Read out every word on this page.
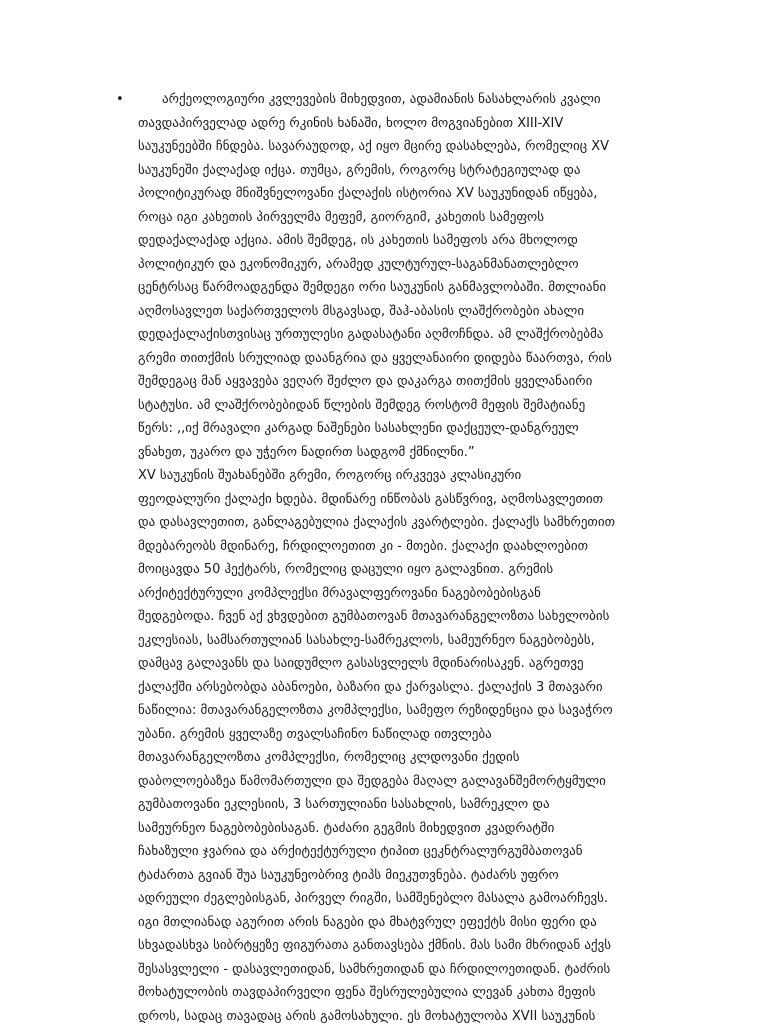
•	არქეოლოგიური კვლევების მიხედვით, ადამიანის ნასახლარის კვალი
თავდაპირველად ადრე რკინის ხანაში, ხოლო მოგვიანებით XIII-XIV
საუკუნეებში ჩნდება. სავარაუდოდ, აქ იყო მცირე დასახლება, რომელიც XV
საუკუნეში ქალაქად იქცა. თუმცა, გრემის, როგორც სტრატეგიულად და
პოლიტიკურად მნიშვნელოვანი ქალაქის ისტორია XV საუკუნიდან იწყება,
როცა იგი კახეთის პირველმა მეფემ, გიორგიმ, კახეთის სამეფოს
დედაქალაქად აქცია. ამის შემდეგ, ის კახეთის სამეფოს არა მხოლოდ
პოლიტიკურ და ეკონომიკურ, არამედ კულტურულ-საგანმანათლებლო
ცენტრსაც წარმოადგენდა შემდეგი ორი საუკუნის განმავლობაში. მთლიანი
აღმოსავლეთ საქართველოს მსგავსად, შაჰ-აბასის ლაშქრობები ახალი
დედაქალაქისთვისაც ურთულესი გადასატანი აღმოჩნდა. ამ ლაშქრობებმა
გრემი თითქმის სრულიად დაანგრია და ყველანაირი დიდება წაართვა, რის
შემდეგაც მან აყვავება ვეღარ შეძლო და დაკარგა თითქმის ყველანაირი
სტატუსი. ამ ლაშქრობებიდან წლების შემდეგ როსტომ მეფის შემატიანე
წერს: ,,იქ მრავალი კარგად ნაშენები სასახლენი დაქცეულ-დანგრეულ
ვნახეთ, უკარო და უჭერო ნადირთ სადგომ ქმნილნი.”
XV საუკუნის შუახანებში გრემი, როგორც ირკვევა კლასიკური
ფეოდალური ქალაქი ხდება. მდინარე ინწობას გასწვრივ, აღმოსავლეთით
და დასავლეთით, განლაგებულია ქალაქის კვარტლები. ქალაქს სამხრეთით
მდებარეობს მდინარე, ჩრდილოეთით კი - მთები. ქალაქი დაახლოებით
მოიცავდა 50 ჰექტარს, რომელიც დაცული იყო გალავნით. გრემის
არქიტექტურული კომპლექსი მრავალფეროვანი ნაგებობებისგან
შედგებოდა. ჩვენ აქ ვხვდებით გუმბათოვან მთავარანგელოზთა სახელობის
ეკლესიას, სამსართულიან სასახლე-სამრეკლოს, სამეურნეო ნაგებობებს,
დამცავ გალავანს და საიდუმლო გასასვლელს მდინარისაკენ. აგრეთვე
ქალაქში არსებობდა აბანოები, ბაზარი და ქარვასლა. ქალაქის 3 მთავარი
ნაწილია: მთავარანგელოზთა კომპლექსი, სამეფო რეზიდენცია და სავაჭრო
უბანი. გრემის ყველაზე თვალსაჩინო ნაწილად ითვლება
მთავარანგელოზთა კომპლექსი, რომელიც კლდოვანი ქედის
დაბოლოებაზეა წამომართული და შედგება მაღალ გალავანშემორტყმული
გუმბათოვანი ეკლესიის, 3 სართულიანი სასახლის, სამრეკლო და
სამეურნეო ნაგებობებისაგან. ტაძარი გეგმის მიხედვით კვადრატში
ჩახაზული ჯვარია და არქიტექტურული ტიპით ცეკნტრალურგუმბათოვან
ტაძართა გვიან შუა საუკუნეობრივ ტიპს მიეკუთვნება. ტაძარს უფრო
ადრეული ძეგლებისგან, პირველ რიგში, სამშენებლო მასალა გამოარჩევს.
იგი მთლიანად აგურით არის ნაგები და მხატვრულ ეფექტს მისი ფერი და
სხვადასხვა სიბრტყეზე ფიგურათა განთავსება ქმნის. მას სამი მხრიდან აქვს
შესასვლელი - დასავლეთიდან, სამხრეთიდან და ჩრდილოეთიდან. ტაძრის
მოხატულობის თავდაპირველი ფენა შესრულებულია ლევან კახთა მეფის
დროს, სადაც თავადაც არის გამოსახული. ეს მოხატულობა XVII საუკუნის
